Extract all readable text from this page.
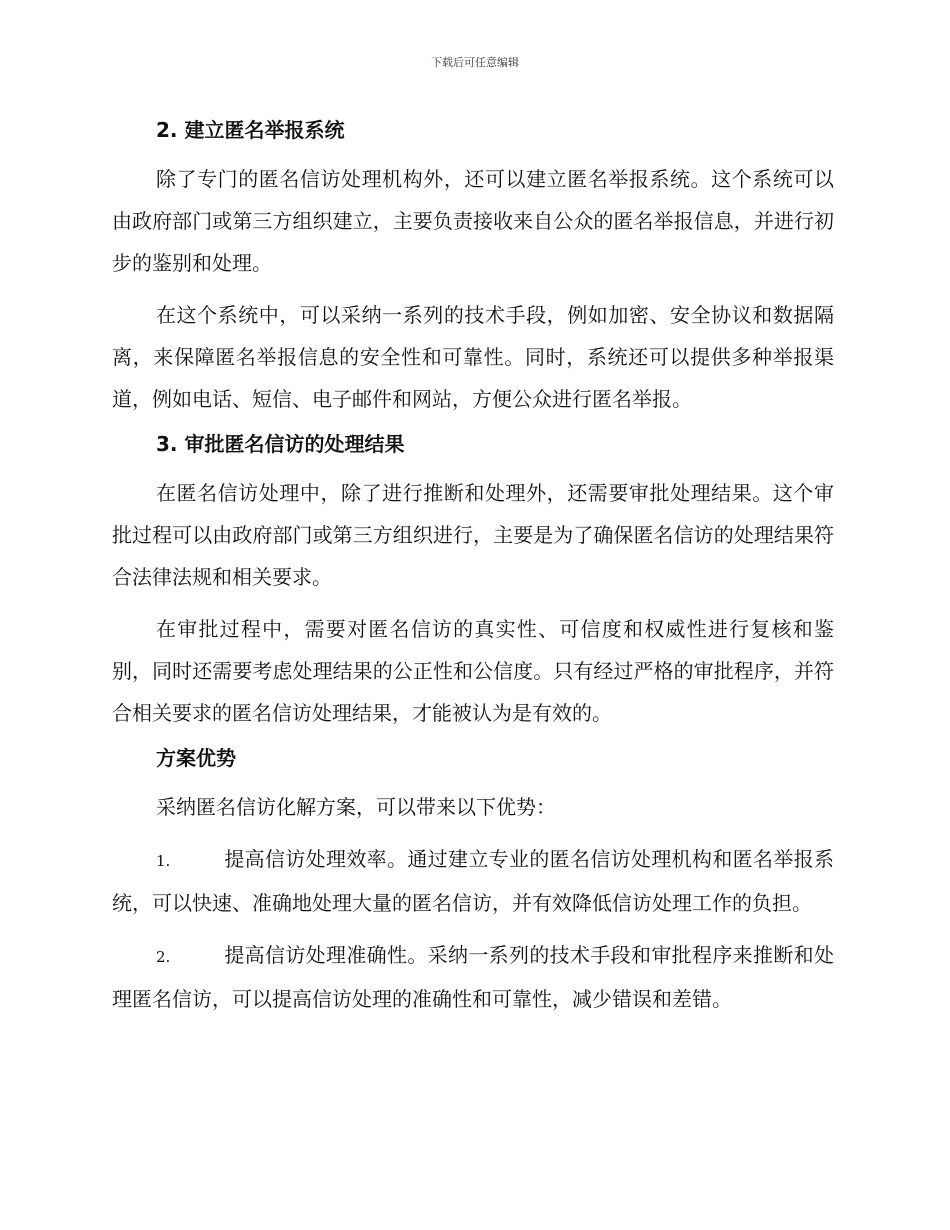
下载后可任意编辑
2. 建立匿名举报系统

除了专门的匿名信访处理机构外，还可以建立匿名举报系统。这个系统可以由政府部门或第三方组织建立，主要负责接收来自公众的匿名举报信息，并进行初步的鉴别和处理。

在这个系统中，可以采纳一系列的技术手段，例如加密、安全协议和数据隔离，来保障匿名举报信息的安全性和可靠性。同时，系统还可以提供多种举报渠道，例如电话、短信、电子邮件和网站，方便公众进行匿名举报。

3. 审批匿名信访的处理结果

在匿名信访处理中，除了进行推断和处理外，还需要审批处理结果。这个审批过程可以由政府部门或第三方组织进行，主要是为了确保匿名信访的处理结果符合法律法规和相关要求。

在审批过程中，需要对匿名信访的真实性、可信度和权威性进行复核和鉴别，同时还需要考虑处理结果的公正性和公信度。只有经过严格的审批程序，并符合相关要求的匿名信访处理结果，才能被认为是有效的。

方案优势

采纳匿名信访化解方案，可以带来以下优势：

1.	提高信访处理效率。通过建立专业的匿名信访处理机构和匿名举报系统，可以快速、准确地处理大量的匿名信访，并有效降低信访处理工作的负担。

2.	提高信访处理准确性。采纳一系列的技术手段和审批程序来推断和处理匿名信访，可以提高信访处理的准确性和可靠性，减少错误和差错。
